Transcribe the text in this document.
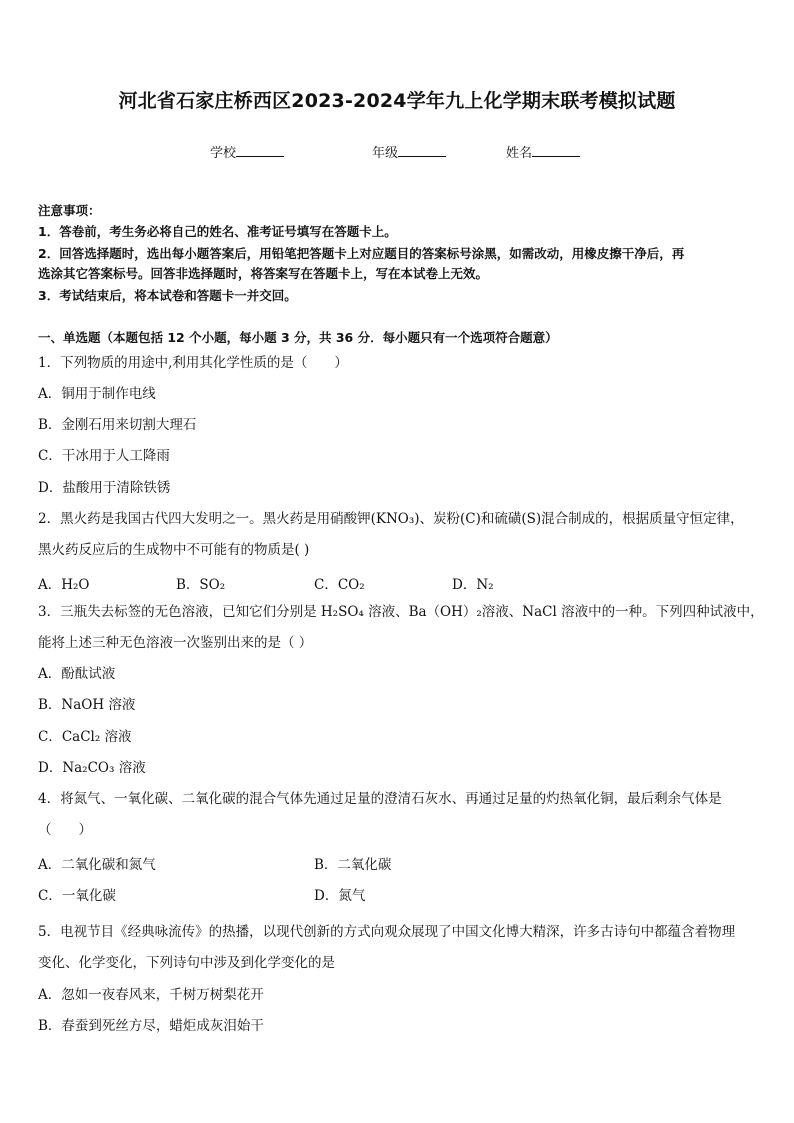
河北省石家庄桥西区2023-2024学年九上化学期末联考模拟试题
学校	年级	姓名
注意事项：
1．答卷前，考生务必将自己的姓名、准考证号填写在答题卡上。
2．回答选择题时，选出每小题答案后，用铅笔把答题卡上对应题目的答案标号涂黑，如需改动，用橡皮擦干净后，再
选涂其它答案标号。回答非选择题时，将答案写在答题卡上，写在本试卷上无效。
3．考试结束后，将本试卷和答题卡一并交回。
一、单选题（本题包括 12 个小题，每小题 3 分，共 36 分．每小题只有一个选项符合题意）
1．下列物质的用途中,利用其化学性质的是（　　）
A．铜用于制作电线
B．金刚石用来切割大理石
C．干冰用于人工降雨
D．盐酸用于清除铁锈
2．黑火药是我国古代四大发明之一。黑火药是用硝酸钾(KNO₃)、炭粉(C)和硫磺(S)混合制成的，根据质量守恒定律，
黑火药反应后的生成物中不可能有的物质是( )
A．H₂O	B．SO₂	C．CO₂	D．N₂
3．三瓶失去标签的无色溶液，已知它们分别是 H₂SO₄ 溶液、Ba（OH）₂溶液、NaCl 溶液中的一种。下列四种试液中，
能将上述三种无色溶液一次鉴别出来的是（ ）
A．酚酞试液
B．NaOH 溶液
C．CaCl₂ 溶液
D．Na₂CO₃ 溶液
4．将氮气、一氧化碳、二氧化碳的混合气体先通过足量的澄清石灰水、再通过足量的灼热氧化铜，最后剩余气体是
（　　）
A．二氧化碳和氮气	B．二氧化碳
C．一氧化碳	D．氮气
5．电视节目《经典咏流传》的热播，以现代创新的方式向观众展现了中国文化博大精深，许多古诗句中都蕴含着物理
变化、化学变化，下列诗句中涉及到化学变化的是
A．忽如一夜春风来，千树万树梨花开
B．春蚕到死丝方尽，蜡炬成灰泪始干
